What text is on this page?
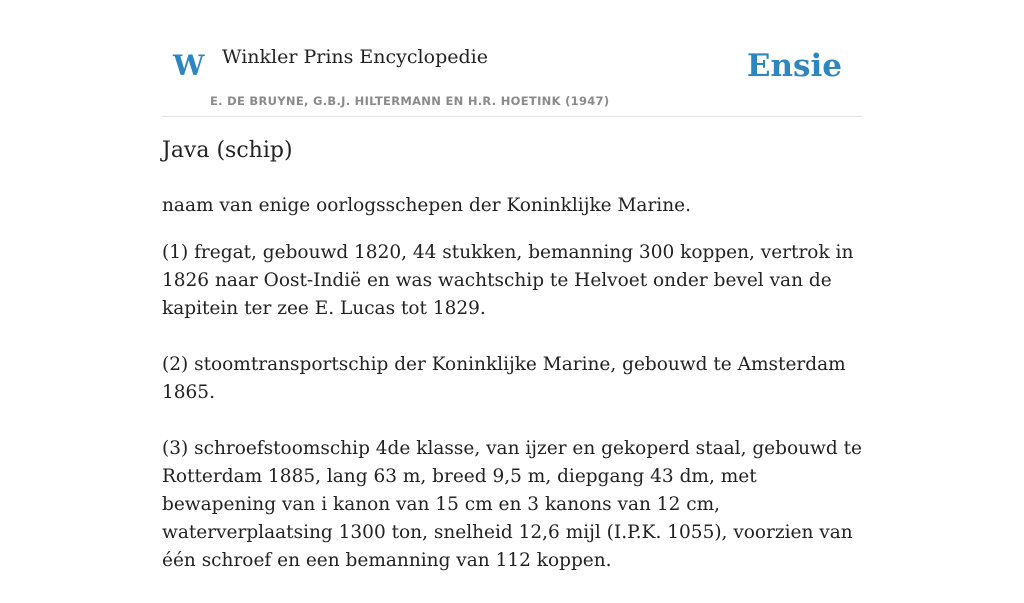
W Winkler Prins Encyclopedie
E. DE BRUYNE, G.B.J. HILTERMANN EN H.R. HOETINK (1947)
Ensie
Java (schip)

naam van enige oorlogsschepen der Koninklijke Marine.

(1) fregat, gebouwd 1820, 44 stukken, bemanning 300 koppen, vertrok in 1826 naar Oost-Indië en was wachtschip te Helvoet onder bevel van de kapitein ter zee E. Lucas tot 1829.

(2) stoomtransportschip der Koninklijke Marine, gebouwd te Amsterdam 1865.

(3) schroefstoomschip 4de klasse, van ijzer en gekoperd staal, gebouwd te Rotterdam 1885, lang 63 m, breed 9,5 m, diepgang 43 dm, met bewapening van i kanon van 15 cm en 3 kanons van 12 cm, waterverplaatsing 1300 ton, snelheid 12,6 mijl (I.P.K. 1055), voorzien van één schroef en een bemanning van 112 koppen.
